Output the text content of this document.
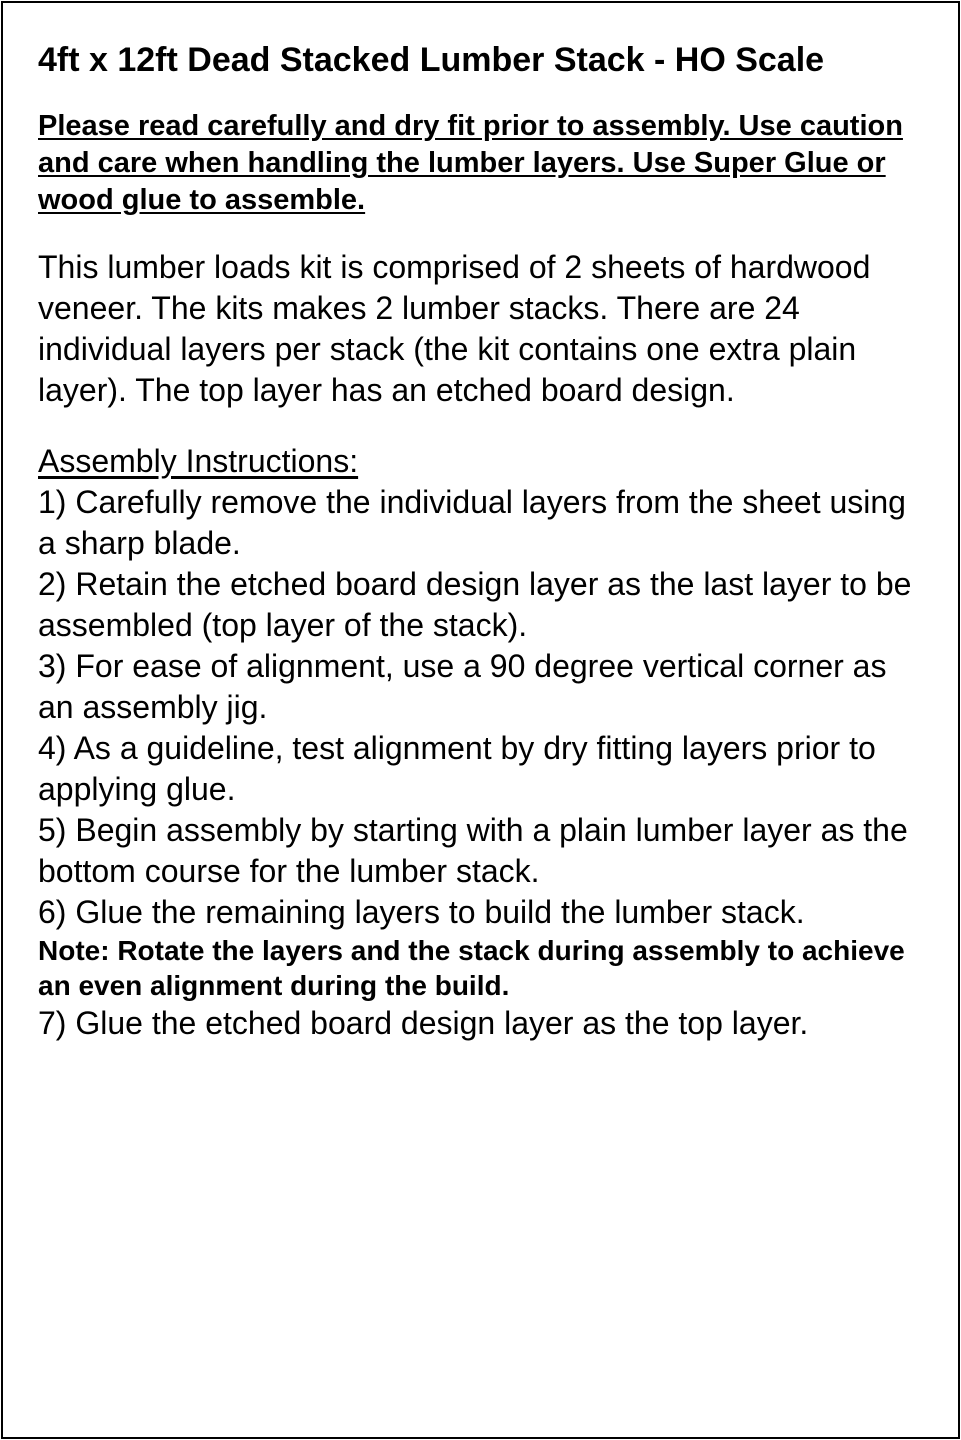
4ft x 12ft Dead Stacked Lumber Stack - HO Scale
Please read carefully and dry fit prior to assembly. Use caution and care when handling the lumber layers. Use Super Glue or wood glue to assemble.
This lumber loads kit is comprised of 2 sheets of hardwood veneer. The kits makes 2 lumber stacks. There are 24 individual layers per stack (the kit contains one extra plain layer). The top layer has an etched board design.
Assembly Instructions:
1) Carefully remove the individual layers from the sheet using a sharp blade.
2) Retain the etched board design layer as the last layer to be assembled (top layer of the stack).
3) For ease of alignment, use a 90 degree vertical corner as an assembly jig.
4) As a guideline, test alignment by dry fitting layers prior to applying glue.
5) Begin assembly by starting with a plain lumber layer as the bottom course for the lumber stack.
6) Glue the remaining layers to build the lumber stack.
Note: Rotate the layers and the stack during assembly to achieve an even alignment during the build.
7) Glue the etched board design layer as the top layer.
